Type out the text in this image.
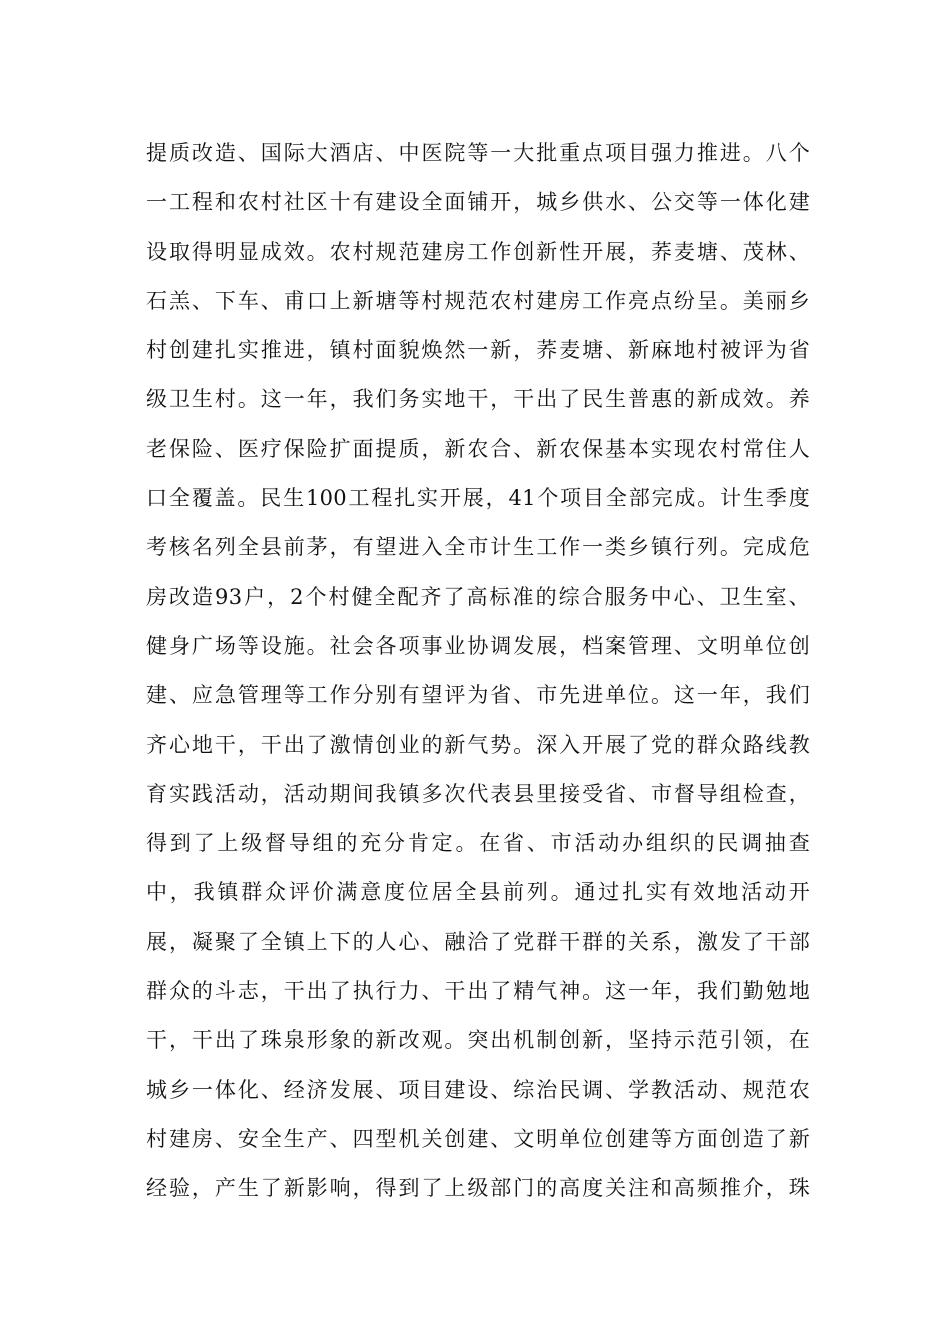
提质改造、国际大酒店、中医院等一大批重点项目强力推进。八个
一工程和农村社区十有建设全面铺开，城乡供水、公交等一体化建
设取得明显成效。农村规范建房工作创新性开展，荞麦塘、茂林、
石羔、下车、甫口上新塘等村规范农村建房工作亮点纷呈。美丽乡
村创建扎实推进，镇村面貌焕然一新，荞麦塘、新麻地村被评为省
级卫生村。这一年，我们务实地干，干出了民生普惠的新成效。养
老保险、医疗保险扩面提质，新农合、新农保基本实现农村常住人
口全覆盖。民生100工程扎实开展，41个项目全部完成。计生季度
考核名列全县前茅，有望进入全市计生工作一类乡镇行列。完成危
房改造93户，2个村健全配齐了高标准的综合服务中心、卫生室、
健身广场等设施。社会各项事业协调发展，档案管理、文明单位创
建、应急管理等工作分别有望评为省、市先进单位。这一年，我们
齐心地干，干出了激情创业的新气势。深入开展了党的群众路线教
育实践活动，活动期间我镇多次代表县里接受省、市督导组检查，
得到了上级督导组的充分肯定。在省、市活动办组织的民调抽查
中，我镇群众评价满意度位居全县前列。通过扎实有效地活动开
展，凝聚了全镇上下的人心、融洽了党群干群的关系，激发了干部
群众的斗志，干出了执行力、干出了精气神。这一年，我们勤勉地
干，干出了珠泉形象的新改观。突出机制创新，坚持示范引领，在
城乡一体化、经济发展、项目建设、综治民调、学教活动、规范农
村建房、安全生产、四型机关创建、文明单位创建等方面创造了新
经验，产生了新影响，得到了上级部门的高度关注和高频推介，珠
